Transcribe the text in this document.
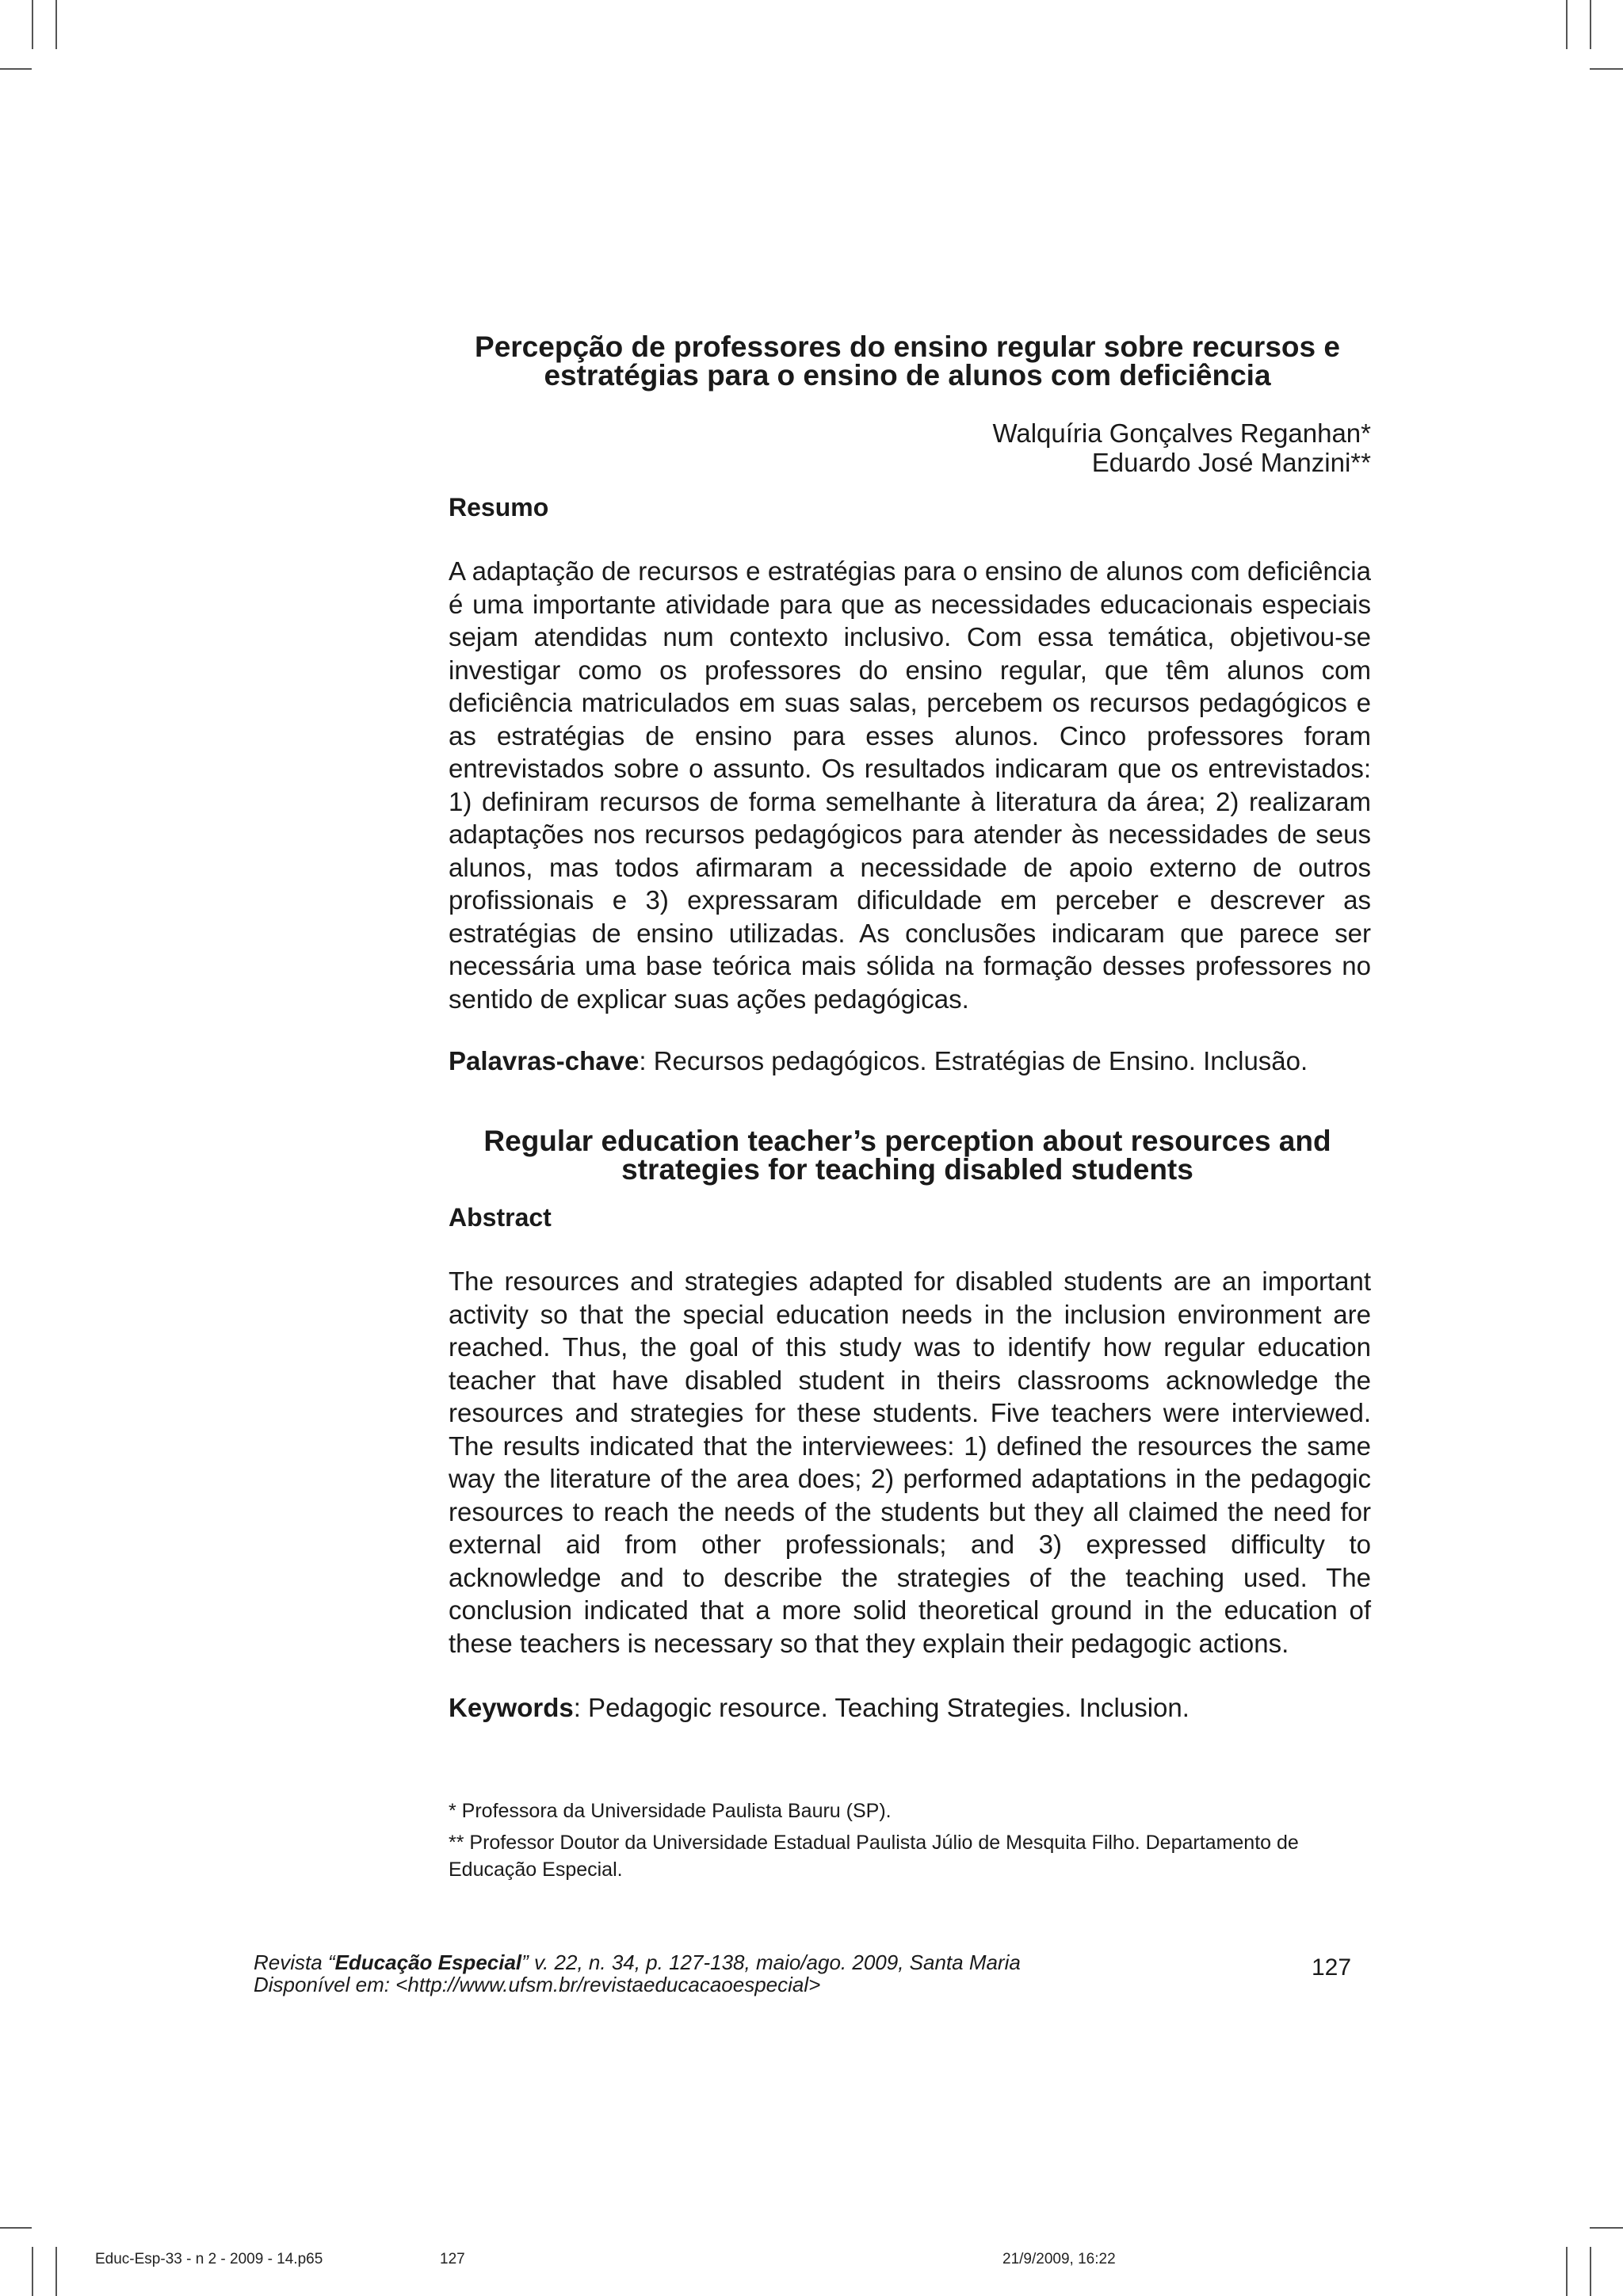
Percepção de professores do ensino regular sobre recursos e
estratégias para o ensino de alunos com deficiência
Walquíria Gonçalves Reganhan*
Eduardo José Manzini**
Resumo

A adaptação de recursos e estratégias para o ensino de alunos com deficiência é uma importante atividade para que as necessidades educacionais especiais sejam atendidas num contexto inclusivo. Com essa temática, objetivou-se investigar como os professores do ensino regular, que têm alunos com deficiência matriculados em suas salas, percebem os recursos pedagógicos e as estratégias de ensino para esses alunos. Cinco professores foram entrevistados sobre o assunto. Os resultados indicaram que os entrevistados: 1) definiram recursos de forma semelhante à literatura da área; 2) realizaram adaptações nos recursos pedagógicos para atender às necessidades de seus alunos, mas todos afirmaram a necessidade de apoio externo de outros profissionais e 3) expressaram dificuldade em perceber e descrever as estratégias de ensino utilizadas. As conclusões indicaram que parece ser necessária uma base teórica mais sólida na formação desses professores no sentido de explicar suas ações pedagógicas.

Palavras-chave: Recursos pedagógicos. Estratégias de Ensino. Inclusão.

Regular education teacher’s perception about resources and
strategies for teaching disabled students
Abstract

The resources and strategies adapted for disabled students are an important activity so that the special education needs in the inclusion environment are reached. Thus, the goal of this study was to identify how regular education teacher that have disabled student in theirs classrooms acknowledge the resources and strategies for these students. Five teachers were interviewed. The results indicated that the interviewees: 1) defined the resources the same way the literature of the area does; 2) performed adaptations in the pedagogic resources to reach the needs of the students but they all claimed the need for external aid from other professionals; and 3) expressed difficulty to acknowledge and to describe the strategies of the teaching used. The conclusion indicated that a more solid theoretical ground in the education of these teachers is necessary so that they explain their pedagogic actions.

Keywords: Pedagogic resource. Teaching Strategies. Inclusion.

* Professora da Universidade Paulista Bauru (SP).

** Professor Doutor da Universidade Estadual Paulista Júlio de Mesquita Filho. Departamento de Educação Especial.

Revista “Educação Especial” v. 22, n. 34, p. 127-138, maio/ago. 2009, Santa Maria
Disponível em: <http://www.ufsm.br/revistaeducacaoespecial>
127
Educ-Esp-33 - n 2 - 2009 - 14.p65	127	21/9/2009, 16:22
